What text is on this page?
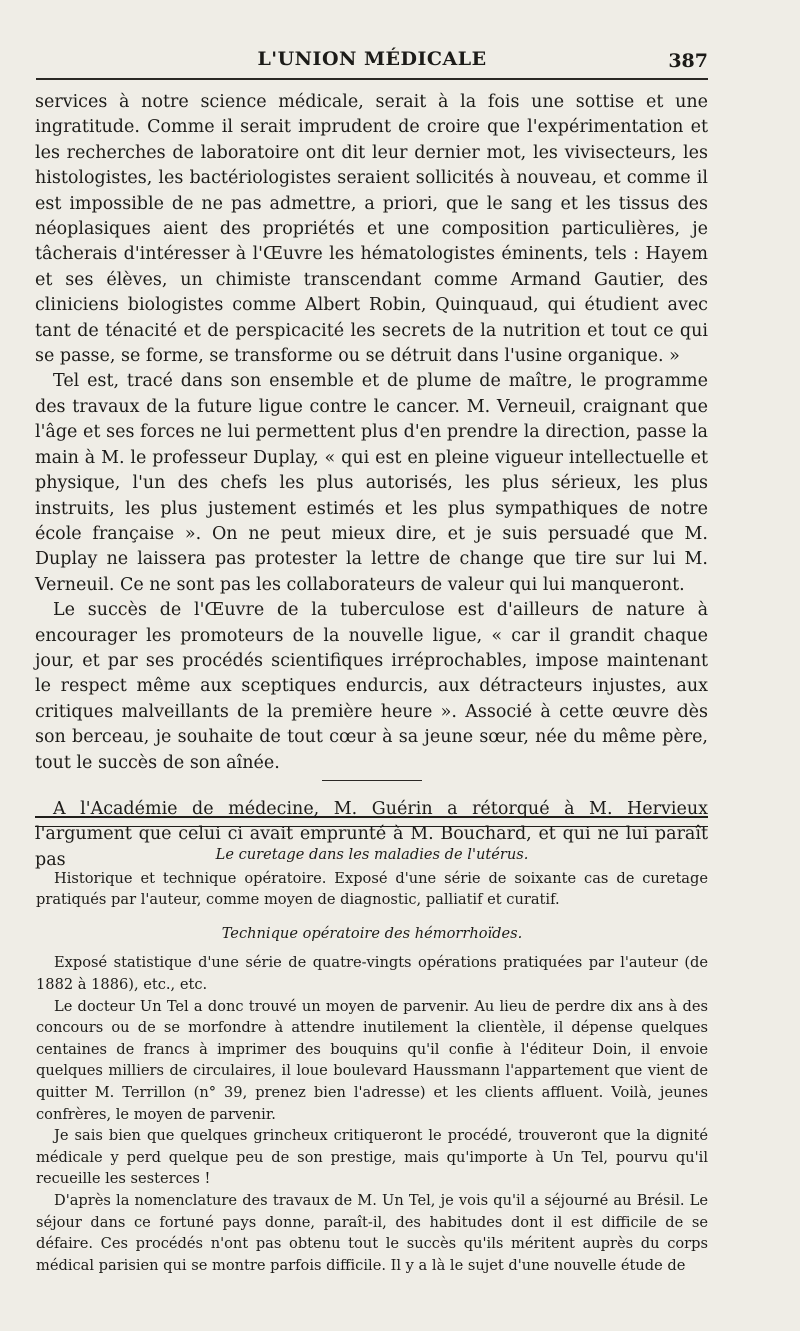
L'UNION MÉDICALE	387

services à notre science médicale, serait à la fois une sottise et une ingratitude. Comme il serait imprudent de croire que l'expérimentation et les recherches de laboratoire ont dit leur dernier mot, les vivisecteurs, les histologistes, les bactériologistes seraient sollicités à nouveau, et comme il est impossible de ne pas admettre, a priori, que le sang et les tissus des néoplasiques aient des propriétés et une composition particulières, je tâcherais d'intéresser à l'Œuvre les hématologistes éminents, tels : Hayem et ses élèves, un chimiste transcendant comme Armand Gautier, des cliniciens biologistes comme Albert Robin, Quinquaud, qui étudient avec tant de ténacité et de perspicacité les secrets de la nutrition et tout ce qui se passe, se forme, se transforme ou se détruit dans l'usine organique. »

Tel est, tracé dans son ensemble et de plume de maître, le programme des travaux de la future ligue contre le cancer. M. Verneuil, craignant que l'âge et ses forces ne lui permettent plus d'en prendre la direction, passe la main à M. le professeur Duplay, « qui est en pleine vigueur intellectuelle et physique, l'un des chefs les plus autorisés, les plus sérieux, les plus instruits, les plus justement estimés et les plus sympathiques de notre école française ». On ne peut mieux dire, et je suis persuadé que M. Duplay ne laissera pas protester la lettre de change que tire sur lui M. Verneuil. Ce ne sont pas les collaborateurs de valeur qui lui manqueront.

Le succès de l'Œuvre de la tuberculose est d'ailleurs de nature à encourager les promoteurs de la nouvelle ligue, « car il grandit chaque jour, et par ses procédés scientifiques irréprochables, impose maintenant le respect même aux sceptiques endurcis, aux détracteurs injustes, aux critiques malveillants de la première heure ». Associé à cette œuvre dès son berceau, je souhaite de tout cœur à sa jeune sœur, née du même père, tout le succès de son aînée.

A l'Académie de médecine, M. Guérin a rétorqué à M. Hervieux l'argument que celui ci avait emprunté à M. Bouchard, et qui ne lui paraît pas	Le curetage dans les maladies de l'utérus.

Historique et technique opératoire. Exposé d'une série de soixante cas de curetage pratiqués par l'auteur, comme moyen de diagnostic, palliatif et curatif.

Technique opératoire des hémorrhoïdes.

Exposé statistique d'une série de quatre-vingts opérations pratiquées par l'auteur (de 1882 à 1886), etc., etc.

Le docteur Un Tel a donc trouvé un moyen de parvenir. Au lieu de perdre dix ans à des concours ou de se morfondre à attendre inutilement la clientèle, il dépense quelques centaines de francs à imprimer des bouquins qu'il confie à l'éditeur Doin, il envoie quelques milliers de circulaires, il loue boulevard Haussmann l'appartement que vient de quitter M. Terrillon (n° 39, prenez bien l'adresse) et les clients affluent. Voilà, jeunes confrères, le moyen de parvenir.

Je sais bien que quelques grincheux critiqueront le procédé, trouveront que la dignité médicale y perd quelque peu de son prestige, mais qu'importe à Un Tel, pourvu qu'il recueille les sesterces !

D'après la nomenclature des travaux de M. Un Tel, je vois qu'il a séjourné au Brésil. Le séjour dans ce fortuné pays donne, paraît-il, des habitudes dont il est difficile de se défaire. Ces procédés n'ont pas obtenu tout le succès qu'ils méritent auprès du corps médical parisien qui se montre parfois difficile. Il y a là le sujet d'une nouvelle étude de
